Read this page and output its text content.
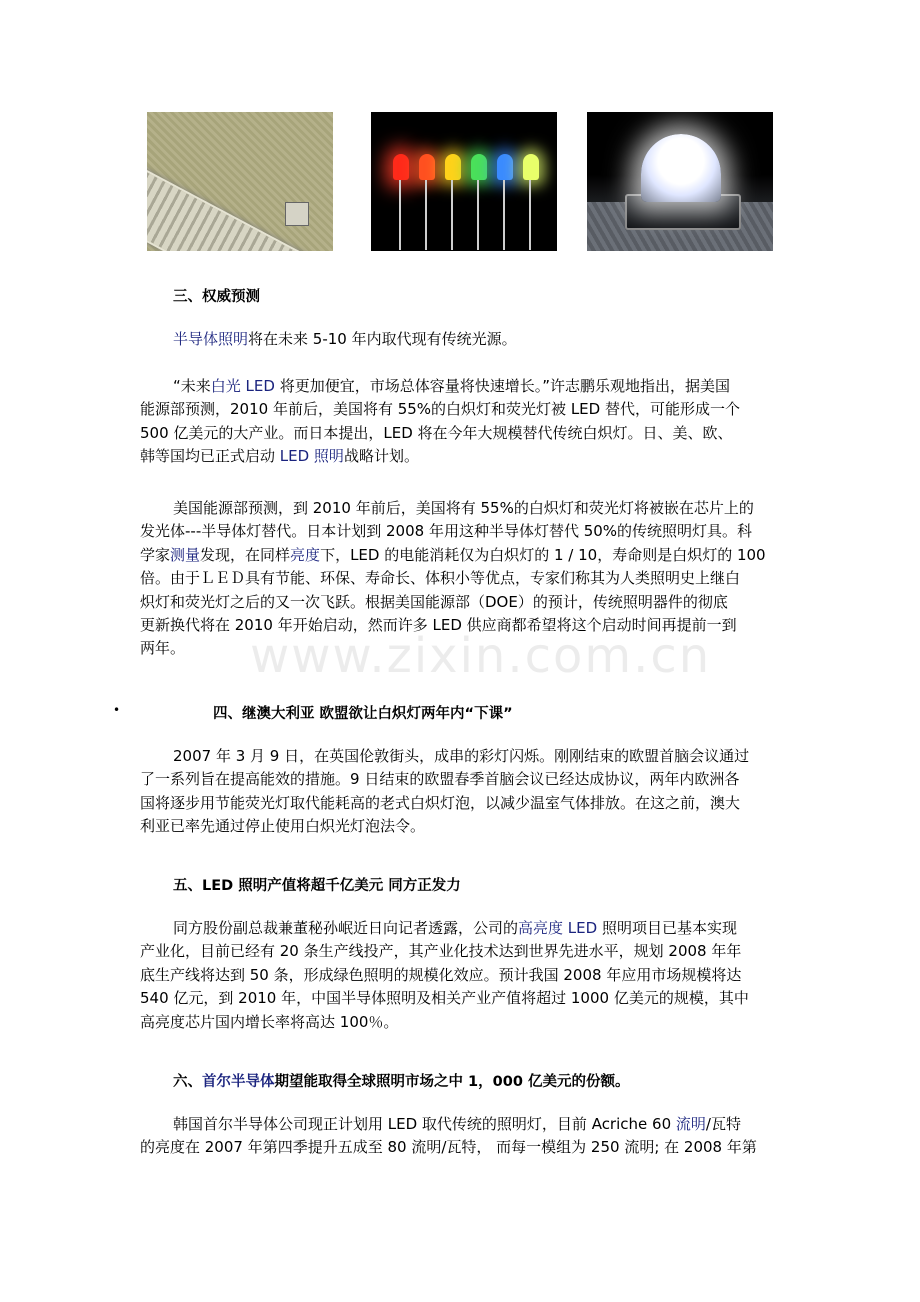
www.zixin.com.cn
三、权威预测

半导体照明将在未来 5-10 年内取代现有传统光源。

“未来白光 LED 将更加便宜，市场总体容量将快速增长。”许志鹏乐观地指出，据美国
能源部预测，2010 年前后，美国将有 55%的白炽灯和荧光灯被 LED 替代，可能形成一个
500 亿美元的大产业。而日本提出，LED 将在今年大规模替代传统白炽灯。日、美、欧、
韩等国均已正式启动 LED 照明战略计划。
美国能源部预测，到 2010 年前后，美国将有 55%的白炽灯和荧光灯将被嵌在芯片上的
发光体---半导体灯替代。日本计划到 2008 年用这种半导体灯替代 50%的传统照明灯具。科
学家测量发现，在同样亮度下，LED 的电能消耗仅为白炽灯的 1 / 10，寿命则是白炽灯的 100
倍。由于ＬＥＤ具有节能、环保、寿命长、体积小等优点，专家们称其为人类照明史上继白
炽灯和荧光灯之后的又一次飞跃。根据美国能源部（DOE）的预计，传统照明器件的彻底
更新换代将在 2010 年开始启动，然而许多 LED 供应商都希望将这个启动时间再提前一到
两年。
•	四、继澳大利亚 欧盟欲让白炽灯两年内“下课”
2007 年 3 月 9 日，在英国伦敦街头，成串的彩灯闪烁。刚刚结束的欧盟首脑会议通过
了一系列旨在提高能效的措施。9 日结束的欧盟春季首脑会议已经达成协议，两年内欧洲各
国将逐步用节能荧光灯取代能耗高的老式白炽灯泡，以减少温室气体排放。在这之前，澳大
利亚已率先通过停止使用白炽光灯泡法令。
五、LED 照明产值将超千亿美元 同方正发力
同方股份副总裁兼董秘孙岷近日向记者透露，公司的高亮度 LED 照明项目已基本实现
产业化，目前已经有 20 条生产线投产，其产业化技术达到世界先进水平，规划 2008 年年
底生产线将达到 50 条，形成绿色照明的规模化效应。预计我国 2008 年应用市场规模将达
540 亿元，到 2010 年，中国半导体照明及相关产业产值将超过 1000 亿美元的规模，其中
高亮度芯片国内增长率将高达 100％。
六、首尔半导体期望能取得全球照明市场之中 1，000 亿美元的份额。
韩国首尔半导体公司现正计划用 LED 取代传统的照明灯，目前 Acriche 60 流明/瓦特
的亮度在 2007 年第四季提升五成至 80 流明/瓦特， 而每一模组为 250 流明; 在 2008 年第
